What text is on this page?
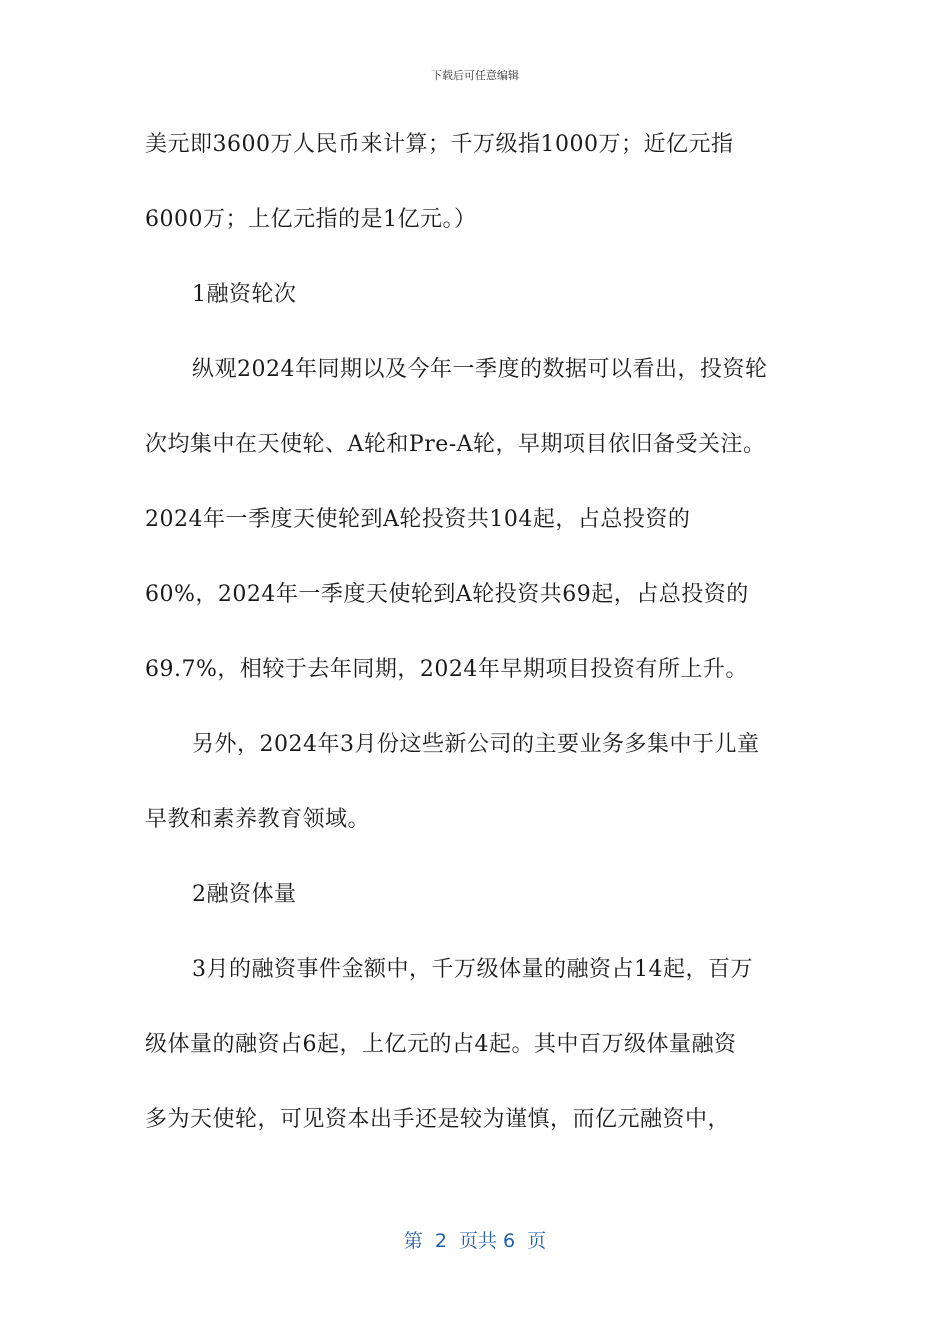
下载后可任意编辑
美元即3600万人民币来计算；千万级指1000万；近亿元指
6000万；上亿元指的是1亿元。）
1融资轮次
纵观2024年同期以及今年一季度的数据可以看出，投资轮
次均集中在天使轮、A轮和Pre-A轮，早期项目依旧备受关注。
2024年一季度天使轮到A轮投资共104起，占总投资的
60%，2024年一季度天使轮到A轮投资共69起，占总投资的
69.7%，相较于去年同期，2024年早期项目投资有所上升。
另外，2024年3月份这些新公司的主要业务多集中于儿童
早教和素养教育领域。
2融资体量
3月的融资事件金额中，千万级体量的融资占14起，百万
级体量的融资占6起，上亿元的占4起。其中百万级体量融资
多为天使轮，可见资本出手还是较为谨慎，而亿元融资中，
第  2  页共 6  页
